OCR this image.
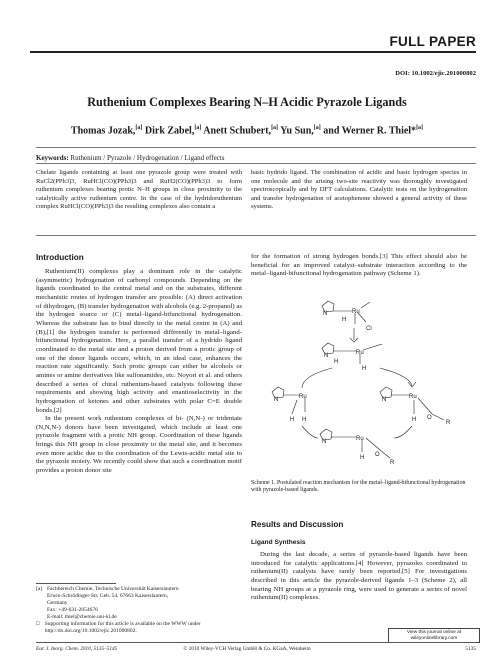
FULL PAPER
DOI: 10.1002/ejic.201000802
Ruthenium Complexes Bearing N–H Acidic Pyrazole Ligands
Thomas Jozak,[a] Dirk Zabel,[a] Anett Schubert,[a] Yu Sun,[a] and Werner R. Thiel*[a]
Keywords: Ruthenium / Pyrazole / Hydrogenation / Ligand effects
Chelate ligands containing at least one pyrazole group were treated with RuCl2(PPh3)3, RuHCl(CO)(PPh3)3 and RuH2(CO)(PPh3)3 to form ruthenium complexes bearing protic N–H groups in close proximity to the catalytically active ruthenium centre. In the case of the hydridoruthenium complex RuHCl(CO)(PPh3)3 the resulting complexes also contain a
basic hydrido ligand. The combination of acidic and basic hydrogen species in one molecule and the arising two-site reactivity was thoroughly investigated spectroscopically and by DFT calculations. Catalytic tests on the hydrogenation and transfer hydrogenation of acetophenone showed a general activity of these systems.
Introduction

Ruthenium(II) complexes play a dominant role in the catalytic (asymmetric) hydrogenation of carbonyl compounds. Depending on the ligands coordinated to the central metal and on the substrates, different mechanistic routes of hydrogen transfer are possible: (A) direct activation of dihydrogen, (B) transfer hydrogenation with alcohols (e.g. 2-propanol) as the hydrogen source or (C) metal–ligand-bifunctional hydrogenation. Whereas the substrate has to bind directly to the metal centre in (A) and (B),[1] the hydrogen transfer is performed differently in metal–ligand-bifunctional hydrogenation. Here, a parallel transfer of a hydrido ligand coordinated to the metal site and a proton derived from a protic group of one of the donor ligands occurs, which, in an ideal case, enhances the reaction rate significantly. Such protic groups can either be alcohols or amines or amine derivatives like sulfonamides, etc. Noyori et al. and others described a series of chiral ruthenium-based catalysts following these requirements and showing high activity and enantioselectivity in the hydrogenation of ketones and other substrates with polar C=E double bonds.[2]

In the present work ruthenium complexes of bi- (N,N-) or tridentate (N,N,N-) donors have been investigated, which include at least one pyrazole fragment with a protic NH group. Coordination of these ligands brings this NH group in close proximity to the metal site, and it becomes even more acidic due to the coordination of the Lewis-acidic metal site to the pyrazole moiety. We recently could show that such a coordination motif provides a proton donor site

[a] Fachbereich Chemie, Technische Universität Kaiserslautern
Erwin-Schrödinger-Str. Geb. 54, 67663 Kaiserslautern,
Germany
Fax: +49-631-2054676
E-mail: thiel@chemie.uni-kl.de
□ Supporting information for this article is available on the WWW under http://dx.doi.org/10.1002/ejic.201000802.
for the formation of strong hydrogen bonds.[3] This effect should also be beneficial for an improved catalyst–substrate interaction according to the metal–ligand-bifunctional hydrogenation pathway (Scheme 1).
N	Ru
H
Cl
N	Ru
H
H
N	Ru
H H
N	Ru
H O
R
N	Ru
H O
R
Scheme 1. Postulated reaction mechanism for the metal–ligand-bifunctional hydrogenation with pyrazole-based ligands.
Results and Discussion
Ligand Synthesis

During the last decade, a series of pyrazole-based ligands have been introduced for catalytic applications.[4] However, pyrazoles coordinated to ruthenium(II) catalysts have rarely been reported.[5] For investigations described in this article the pyrazole-derived ligands 1–3 (Scheme 2), all bearing NH groups at a pyrazole ring, were used to generate a series of novel ruthenium(II) complexes.

View this journal online at
wileyonlinelibrary.com
Eur. J. Inorg. Chem. 2010, 5135–5145	© 2010 Wiley-VCH Verlag GmbH & Co. KGaA, Weinheim	5135
